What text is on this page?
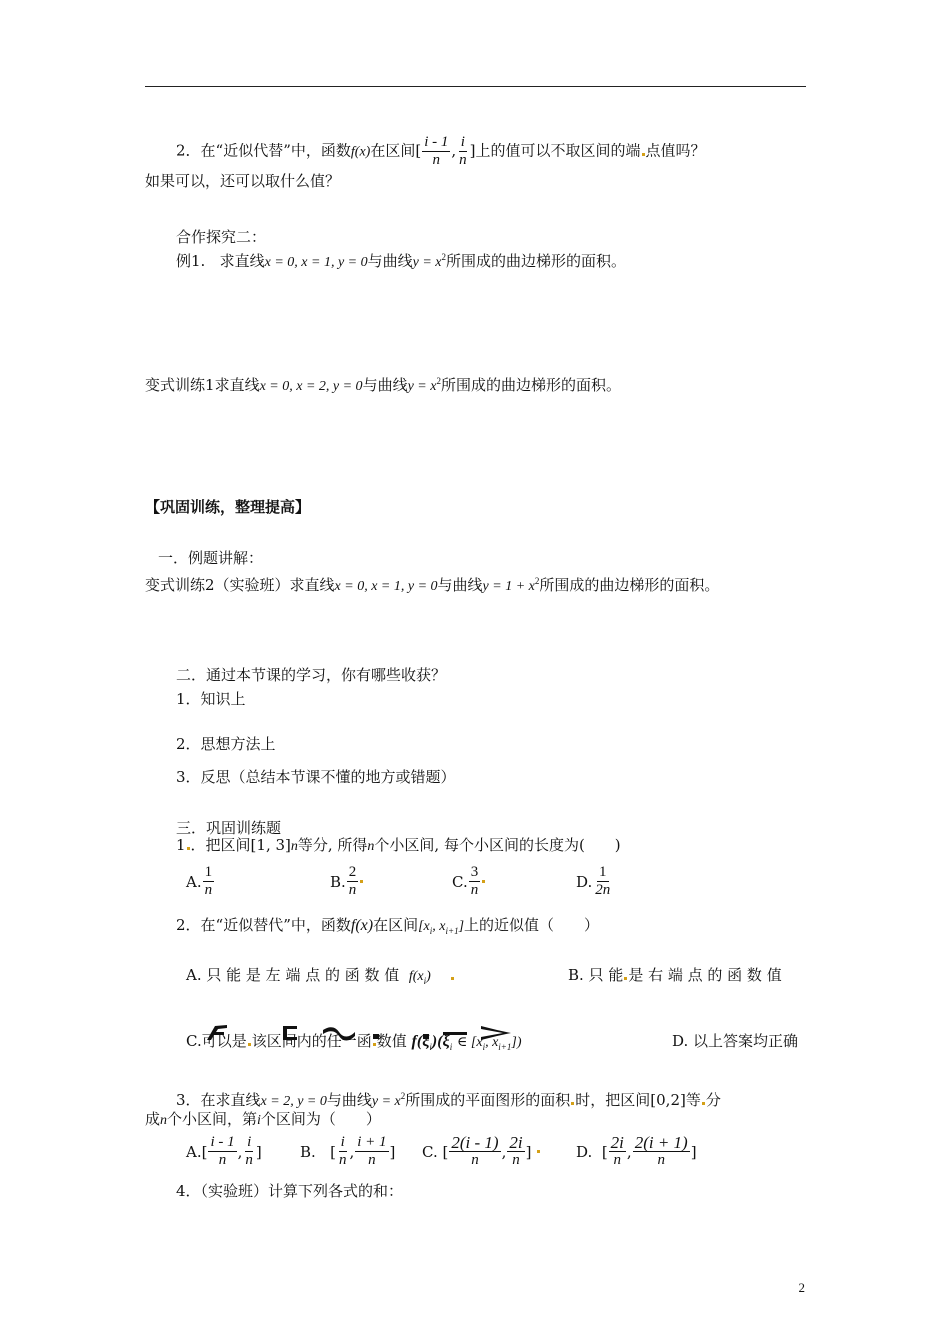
2．在“近似代替”中，函数f(x)在区间[ $\frac{i - 1}{n}$ , $\frac{i}{n}$ ]上的值可以不取区间的端 点值吗？
如果可以，还可以取什么值？
合作探究二：
例1. 求直线x = 0, x = 1, y = 0与曲线$y = x^2$所围成的曲边梯形的面积。
变式训练1求直线x = 0, x = 2, y = 0与曲线$y = x^2$所围成的曲边梯形的面积。
【巩固训练，整理提高】
一．例题讲解：
变式训练2（实验班）求直线x = 0, x = 1, y = 0与曲线$y = 1 + x^2$所围成的曲边梯形的面积。
二．通过本节课的学习，你有哪些收获？
1．知识上
2．思想方法上
3．反思（总结本节课不懂的地方或错题）
三．巩固训练题
1 ．把区间[1, 3]n等分, 所得n个小区间, 每个小区间的长度为(　　)
A. $\frac{1}{n}$	B. $\frac{2}{n}$	C. $\frac{3}{n}$	D. $\frac{1}{2n}$
2．在“近似替代”中，函数f(x)在区间[$x_i$, $x_{i+1}$]上的近似值（　　）
A. 只 能 是 左 端 点 的 函 数 值 $f(x_i)$	B. 只 能 是 右 端 点 的 函 数 值
C.可以是 该区间内的任一函 数值 $f(\xi_i)(\xi_i$ ∈ [$x_i$, $x_{i+1}$])	D. 以上答案均正确
3．在求直线x = 2, y = 0与曲线$y = x^2$所围成的平面图形的面积 时，把区间[0,2]等 分
成n个小区间，第i个区间为（　　）
A. [ $\frac{i - 1}{n}$ , $\frac{i}{n}$ ]	B.
[ $\frac{i}{n}$ , $\frac{i + 1}{n}$ ] C.
[ $\frac{2(i - 1)}{n}$ , $\frac{2i}{n}$ ]
	D.
[ $\frac{2i}{n}$ , $\frac{2(i + 1)}{n}$ ]
4．（实验班）计算下列各式的和：
2
